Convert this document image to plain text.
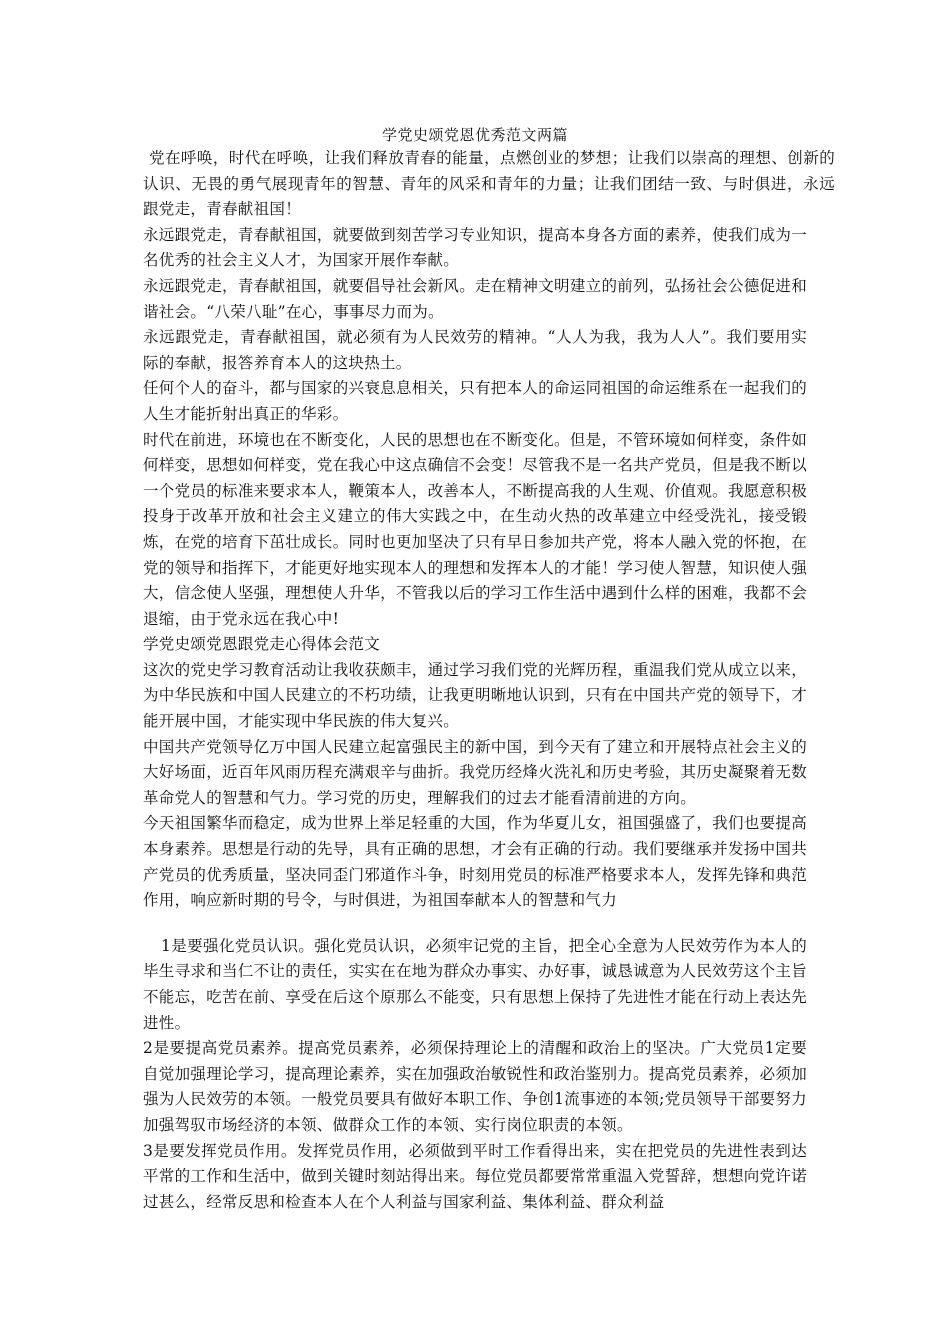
学党史颂党恩优秀范文两篇

党在呼唤，时代在呼唤，让我们释放青春的能量，点燃创业的梦想；让我们以崇高的理想、创新的认识、无畏的勇气展现青年的智慧、青年的风采和青年的力量；让我们团结一致、与时俱进，永远跟党走，青春献祖国！

永远跟党走，青春献祖国，就要做到刻苦学习专业知识，提高本身各方面的素养，使我们成为一名优秀的社会主义人才，为国家开展作奉献。

永远跟党走，青春献祖国，就要倡导社会新风。走在精神文明建立的前列，弘扬社会公德促进和谐社会。“八荣八耻”在心，事事尽力而为。

永远跟党走，青春献祖国，就必须有为人民效劳的精神。“人人为我，我为人人”。我们要用实际的奉献，报答养育本人的这块热土。

任何个人的奋斗，都与国家的兴衰息息相关，只有把本人的命运同祖国的命运维系在一起我们的人生才能折射出真正的华彩。

时代在前进，环境也在不断变化，人民的思想也在不断变化。但是，不管环境如何样变，条件如何样变，思想如何样变，党在我心中这点确信不会变！尽管我不是一名共产党员，但是我不断以一个党员的标准来要求本人，鞭策本人，改善本人，不断提高我的人生观、价值观。我愿意积极投身于改革开放和社会主义建立的伟大实践之中，在生动火热的改革建立中经受洗礼，接受锻炼，在党的培育下茁壮成长。同时也更加坚决了只有早日参加共产党，将本人融入党的怀抱，在党的领导和指挥下，才能更好地实现本人的理想和发挥本人的才能！学习使人智慧，知识使人强大，信念使人坚强，理想使人升华，不管我以后的学习工作生活中遇到什么样的困难，我都不会退缩，由于党永远在我心中!

学党史颂党恩跟党走心得体会范文

这次的党史学习教育活动让我收获颇丰，通过学习我们党的光辉历程，重温我们党从成立以来，为中华民族和中国人民建立的不朽功绩，让我更明晰地认识到，只有在中国共产党的领导下，才能开展中国，才能实现中华民族的伟大复兴。

中国共产党领导亿万中国人民建立起富强民主的新中国，到今天有了建立和开展特点社会主义的大好场面，近百年风雨历程充满艰辛与曲折。我党历经烽火洗礼和历史考验，其历史凝聚着无数革命党人的智慧和气力。学习党的历史，理解我们的过去才能看清前进的方向。

今天祖国繁华而稳定，成为世界上举足轻重的大国，作为华夏儿女，祖国强盛了，我们也要提高本身素养。思想是行动的先导，具有正确的思想，才会有正确的行动。我们要继承并发扬中国共产党员的优秀质量，坚决同歪门邪道作斗争，时刻用党员的标准严格要求本人，发挥先锋和典范作用，响应新时期的号令，与时俱进，为祖国奉献本人的智慧和气力

1是要强化党员认识。强化党员认识，必须牢记党的主旨，把全心全意为人民效劳作为本人的毕生寻求和当仁不让的责任，实实在在地为群众办事实、办好事，诚恳诚意为人民效劳这个主旨不能忘，吃苦在前、享受在后这个原那么不能变，只有思想上保持了先进性才能在行动上表达先进性。

2是要提高党员素养。提高党员素养，必须保持理论上的清醒和政治上的坚决。广大党员1定要自觉加强理论学习，提高理论素养，实在加强政治敏锐性和政治鉴别力。提高党员素养，必须加强为人民效劳的本领。一般党员要具有做好本职工作、争创1流事迹的本领;党员领导干部要努力加强驾驭市场经济的本领、做群众工作的本领、实行岗位职责的本领。

3是要发挥党员作用。发挥党员作用，必须做到平时工作看得出来，实在把党员的先进性表到达平常的工作和生活中，做到关键时刻站得出来。每位党员都要常常重温入党誓辞，想想向党许诺过甚么，经常反思和检查本人在个人利益与国家利益、集体利益、群众利益
